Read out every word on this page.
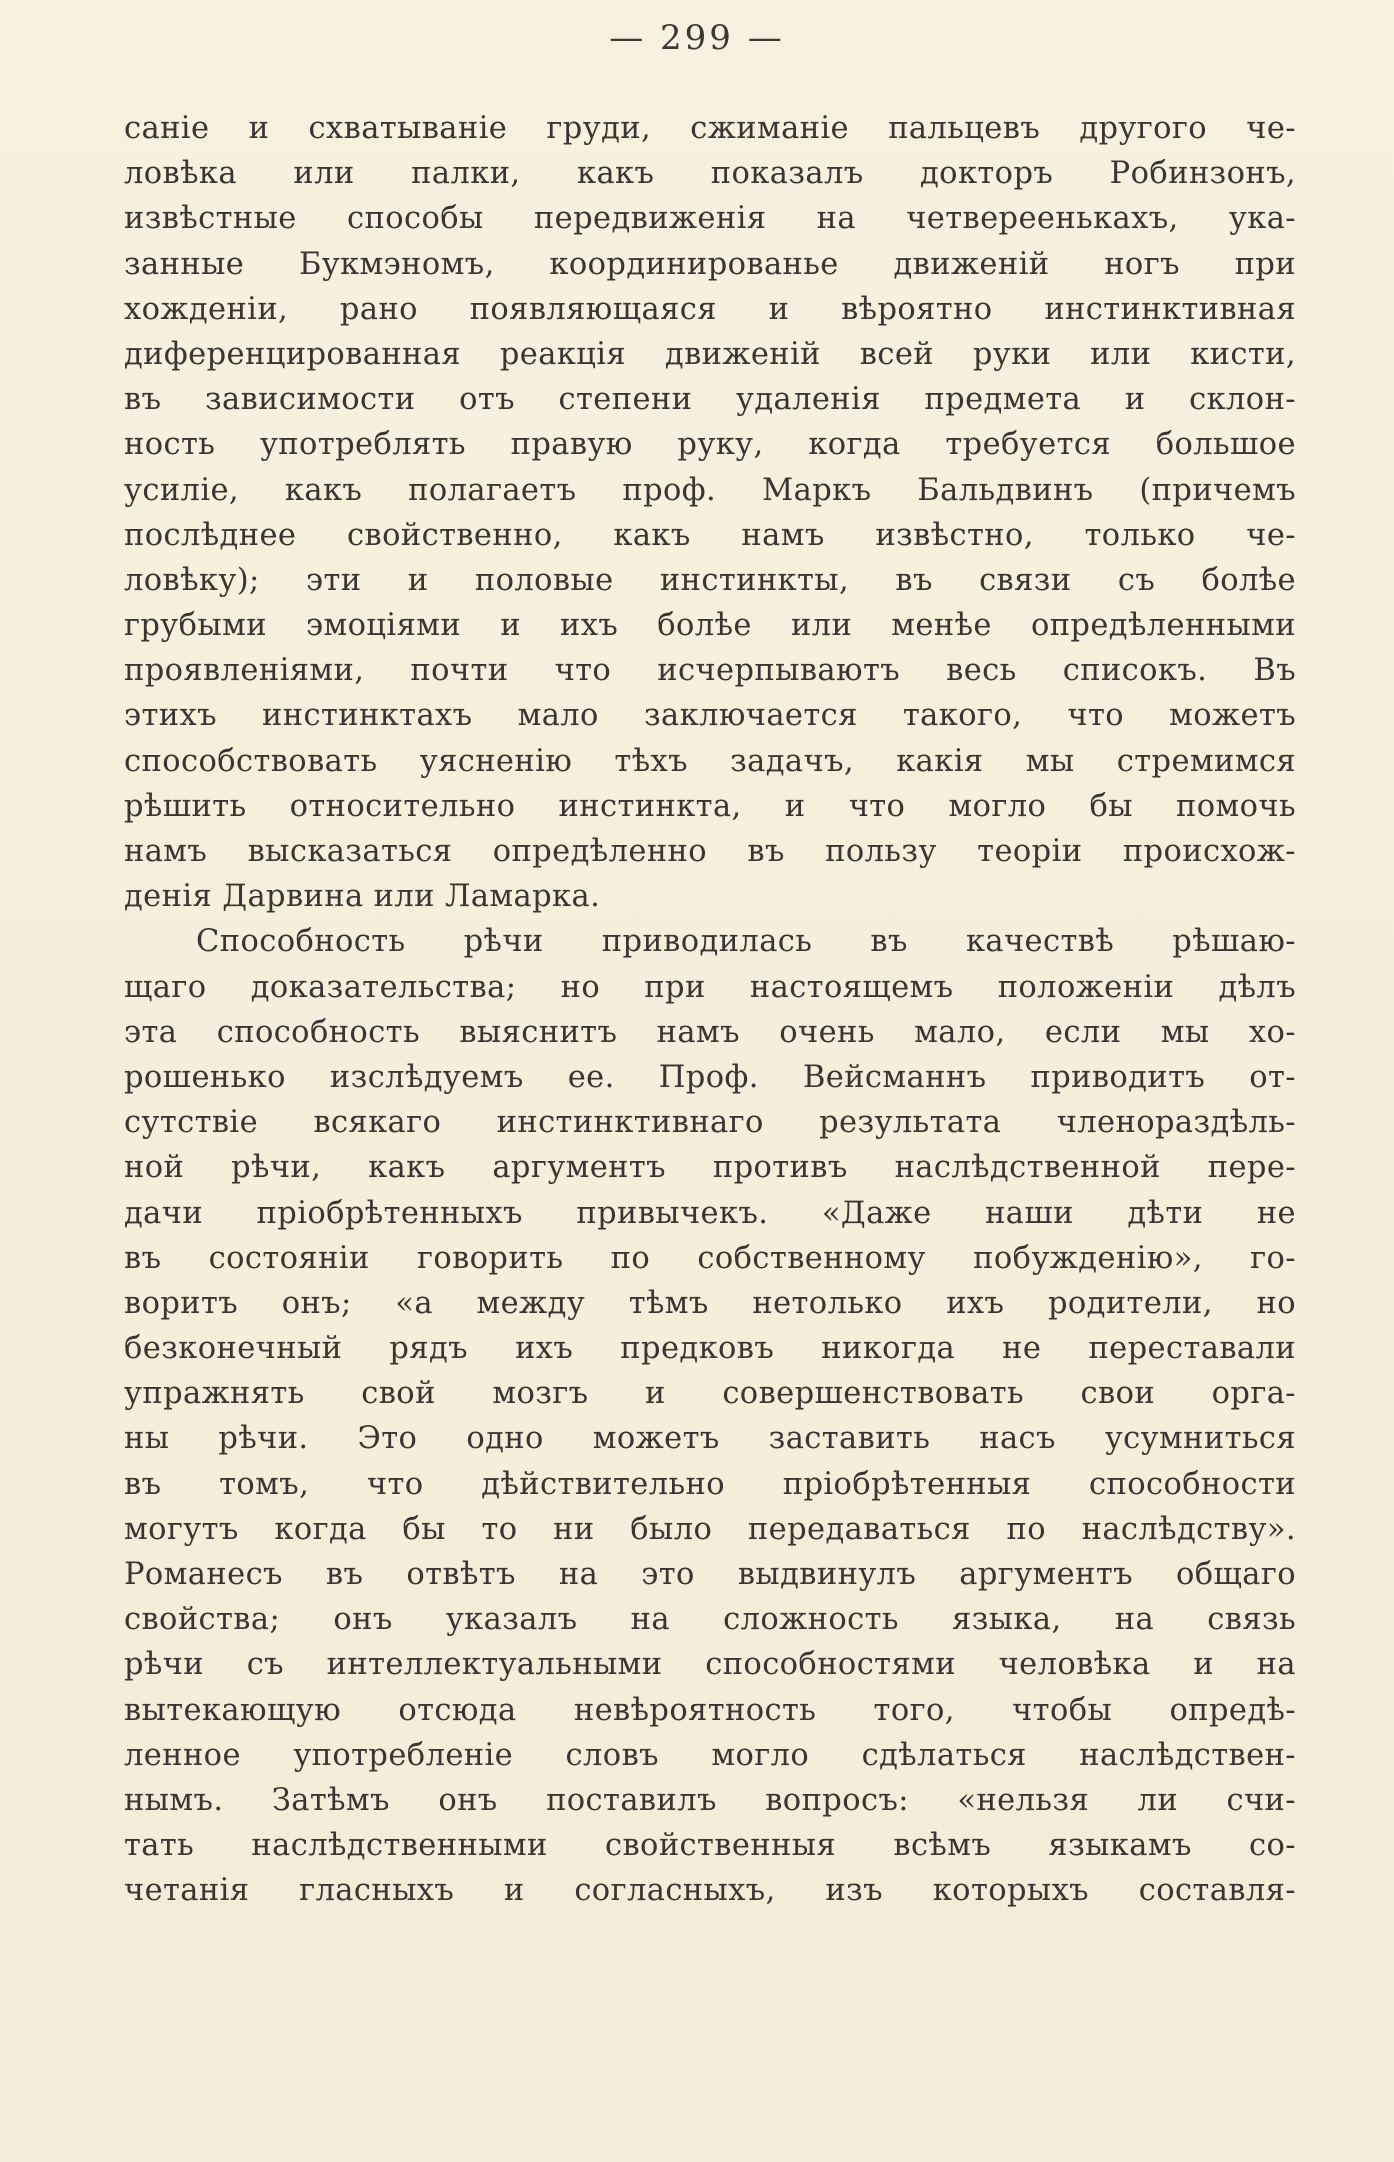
— 299 —
саніе и схватываніе груди, сжиманіе пальцевъ другого че-
ловѣка или палки, какъ показалъ докторъ Робинзонъ,
извѣстные способы передвиженія на четвереенькахъ, ука-
занные Букмэномъ, координированье движеній ногъ при
хожденіи, рано появляющаяся и вѣроятно инстинктивная
диференцированная реакція движеній всей руки или кисти,
въ зависимости отъ степени удаленія предмета и склон-
ность употреблять правую руку, когда требуется большое
усиліе, какъ полагаетъ проф. Маркъ Бальдвинъ (причемъ
послѣднее свойственно, какъ намъ извѣстно, только че-
ловѣку); эти и половые инстинкты, въ связи съ болѣе
грубыми эмоціями и ихъ болѣе или менѣе опредѣленными
проявленіями, почти что исчерпываютъ весь списокъ. Въ
этихъ инстинктахъ мало заключается такого, что можетъ
способствовать уясненію тѣхъ задачъ, какія мы стремимся
рѣшить относительно инстинкта, и что могло бы помочь
намъ высказаться опредѣленно въ пользу теоріи происхож-
денія Дарвина или Ламарка.
Способность рѣчи приводилась въ качествѣ рѣшаю-
щаго доказательства; но при настоящемъ положеніи дѣлъ
эта способность выяснитъ намъ очень мало, если мы хо-
рошенько изслѣдуемъ ее. Проф. Вейсманнъ приводитъ от-
сутствіе всякаго инстинктивнаго результата членораздѣль-
ной рѣчи, какъ аргументъ противъ наслѣдственной пере-
дачи пріобрѣтенныхъ привычекъ. «Даже наши дѣти не
въ состояніи говорить по собственному побужденію», го-
воритъ онъ; «а между тѣмъ нетолько ихъ родители, но
безконечный рядъ ихъ предковъ никогда не переставали
упражнять свой мозгъ и совершенствовать свои орга-
ны рѣчи. Это одно можетъ заставить насъ усумниться
въ томъ, что дѣйствительно пріобрѣтенныя способности
могутъ когда бы то ни было передаваться по наслѣдству».
Романесъ въ отвѣтъ на это выдвинулъ аргументъ общаго
свойства; онъ указалъ на сложность языка, на связь
рѣчи съ интеллектуальными способностями человѣка и на
вытекающую отсюда невѣроятность того, чтобы опредѣ-
ленное употребленіе словъ могло сдѣлаться наслѣдствен-
нымъ. Затѣмъ онъ поставилъ вопросъ: «нельзя ли счи-
тать наслѣдственными свойственныя всѣмъ языкамъ со-
четанія гласныхъ и согласныхъ, изъ которыхъ составля-
